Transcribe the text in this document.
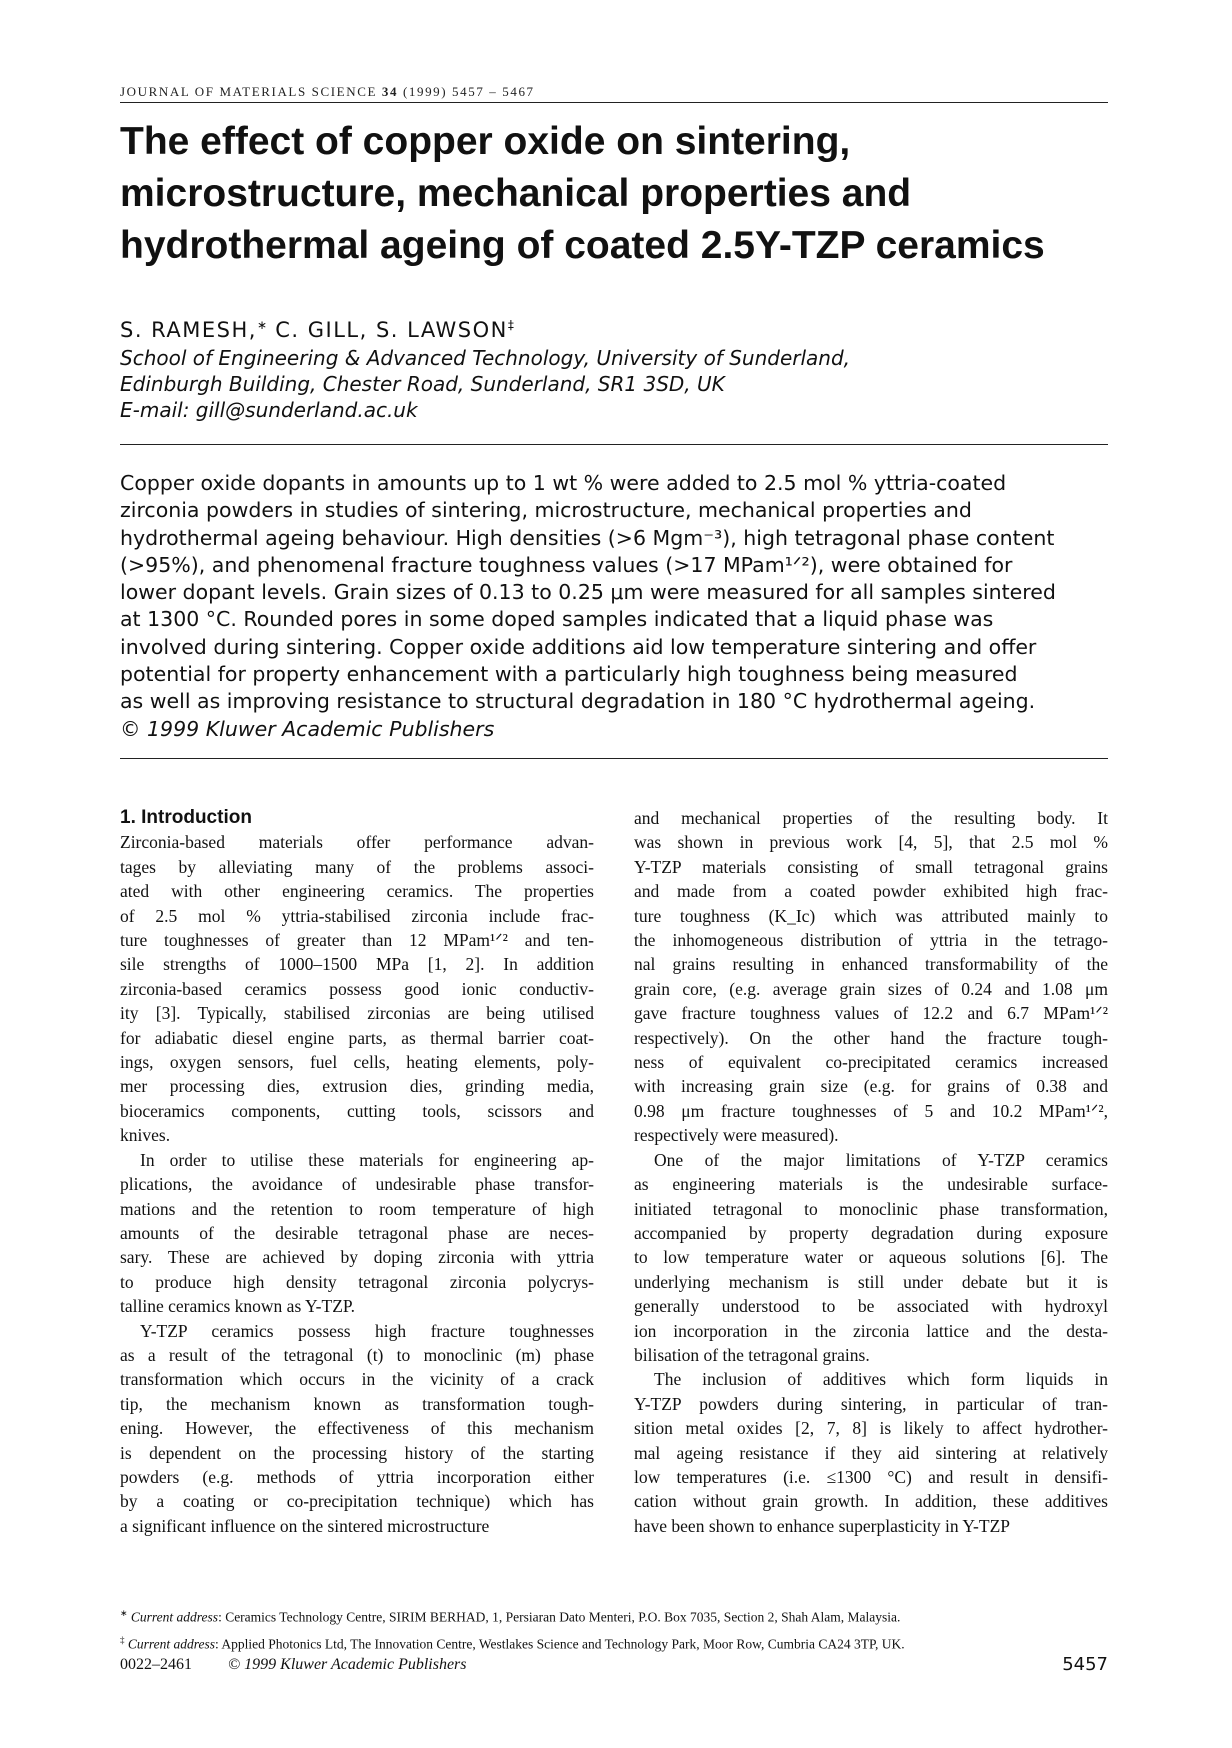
JOURNAL OF MATERIALS SCIENCE 34 (1999) 5457 – 5467
The effect of copper oxide on sintering,
microstructure, mechanical properties and
hydrothermal ageing of coated 2.5Y-TZP ceramics
S. RAMESH,∗ C. GILL, S. LAWSON‡
School of Engineering & Advanced Technology, University of Sunderland,
Edinburgh Building, Chester Road, Sunderland, SR1 3SD, UK
E-mail: gill@sunderland.ac.uk
Copper oxide dopants in amounts up to 1 wt % were added to 2.5 mol % yttria-coated
zirconia powders in studies of sintering, microstructure, mechanical properties and
hydrothermal ageing behaviour. High densities (>6 Mgm⁻³), high tetragonal phase content
(>95%), and phenomenal fracture toughness values (>17 MPam¹ᐟ²), were obtained for
lower dopant levels. Grain sizes of 0.13 to 0.25 μm were measured for all samples sintered
at 1300 °C. Rounded pores in some doped samples indicated that a liquid phase was
involved during sintering. Copper oxide additions aid low temperature sintering and offer
potential for property enhancement with a particularly high toughness being measured
as well as improving resistance to structural degradation in 180 °C hydrothermal ageing.
© 1999 Kluwer Academic Publishers
1. Introduction

Zirconia-based materials offer performance advan-
tages by alleviating many of the problems associ-
ated with other engineering ceramics. The properties
of 2.5 mol % yttria-stabilised zirconia include frac-
ture toughnesses of greater than 12 MPam¹ᐟ² and ten-
sile strengths of 1000–1500 MPa [1, 2]. In addition
zirconia-based ceramics possess good ionic conductiv-
ity [3]. Typically, stabilised zirconias are being utilised
for adiabatic diesel engine parts, as thermal barrier coat-
ings, oxygen sensors, fuel cells, heating elements, poly-
mer processing dies, extrusion dies, grinding media,
bioceramics components, cutting tools, scissors and
knives.

In order to utilise these materials for engineering ap-
plications, the avoidance of undesirable phase transfor-
mations and the retention to room temperature of high
amounts of the desirable tetragonal phase are neces-
sary. These are achieved by doping zirconia with yttria
to produce high density tetragonal zirconia polycrys-
talline ceramics known as Y-TZP.

Y-TZP ceramics possess high fracture toughnesses
as a result of the tetragonal (t) to monoclinic (m) phase
transformation which occurs in the vicinity of a crack
tip, the mechanism known as transformation tough-
ening. However, the effectiveness of this mechanism
is dependent on the processing history of the starting
powders (e.g. methods of yttria incorporation either
by a coating or co-precipitation technique) which has
a significant influence on the sintered microstructure

and mechanical properties of the resulting body. It
was shown in previous work [4, 5], that 2.5 mol %
Y-TZP materials consisting of small tetragonal grains
and made from a coated powder exhibited high frac-
ture toughness (K_Ic) which was attributed mainly to
the inhomogeneous distribution of yttria in the tetrago-
nal grains resulting in enhanced transformability of the
grain core, (e.g. average grain sizes of 0.24 and 1.08 μm
gave fracture toughness values of 12.2 and 6.7 MPam¹ᐟ²
respectively). On the other hand the fracture tough-
ness of equivalent co-precipitated ceramics increased
with increasing grain size (e.g. for grains of 0.38 and
0.98 μm fracture toughnesses of 5 and 10.2 MPam¹ᐟ²,
respectively were measured).

One of the major limitations of Y-TZP ceramics
as engineering materials is the undesirable surface-
initiated tetragonal to monoclinic phase transformation,
accompanied by property degradation during exposure
to low temperature water or aqueous solutions [6]. The
underlying mechanism is still under debate but it is
generally understood to be associated with hydroxyl
ion incorporation in the zirconia lattice and the desta-
bilisation of the tetragonal grains.

The inclusion of additives which form liquids in
Y-TZP powders during sintering, in particular of tran-
sition metal oxides [2, 7, 8] is likely to affect hydrother-
mal ageing resistance if they aid sintering at relatively
low temperatures (i.e. ≤1300 °C) and result in densifi-
cation without grain growth. In addition, these additives
have been shown to enhance superplasticity in Y-TZP

∗ Current address: Ceramics Technology Centre, SIRIM BERHAD, 1, Persiaran Dato Menteri, P.O. Box 7035, Section 2, Shah Alam, Malaysia.
‡ Current address: Applied Photonics Ltd, The Innovation Centre, Westlakes Science and Technology Park, Moor Row, Cumbria CA24 3TP, UK.
0022–2461 © 1999 Kluwer Academic Publishers	5457
